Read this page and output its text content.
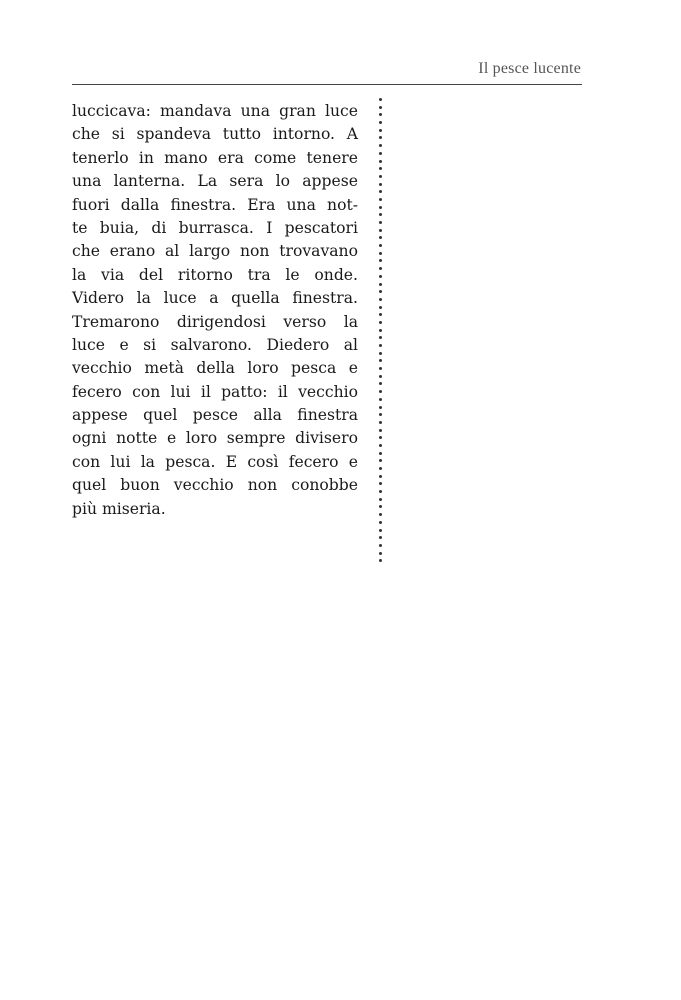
Il pesce lucente
luccicava: mandava una gran luce
che si spandeva tutto intorno. A
tenerlo in mano era come tenere
una lanterna. La sera lo appese
fuori dalla finestra. Era una not-
te buia, di burrasca. I pescatori
che erano al largo non trovavano
la via del ritorno tra le onde.
Videro la luce a quella finestra.
Tremarono dirigendosi verso la
luce e si salvarono. Diedero al
vecchio metà della loro pesca e
fecero con lui il patto: il vecchio
appese quel pesce alla finestra
ogni notte e loro sempre divisero
con lui la pesca. E così fecero e
quel buon vecchio non conobbe
più miseria.
